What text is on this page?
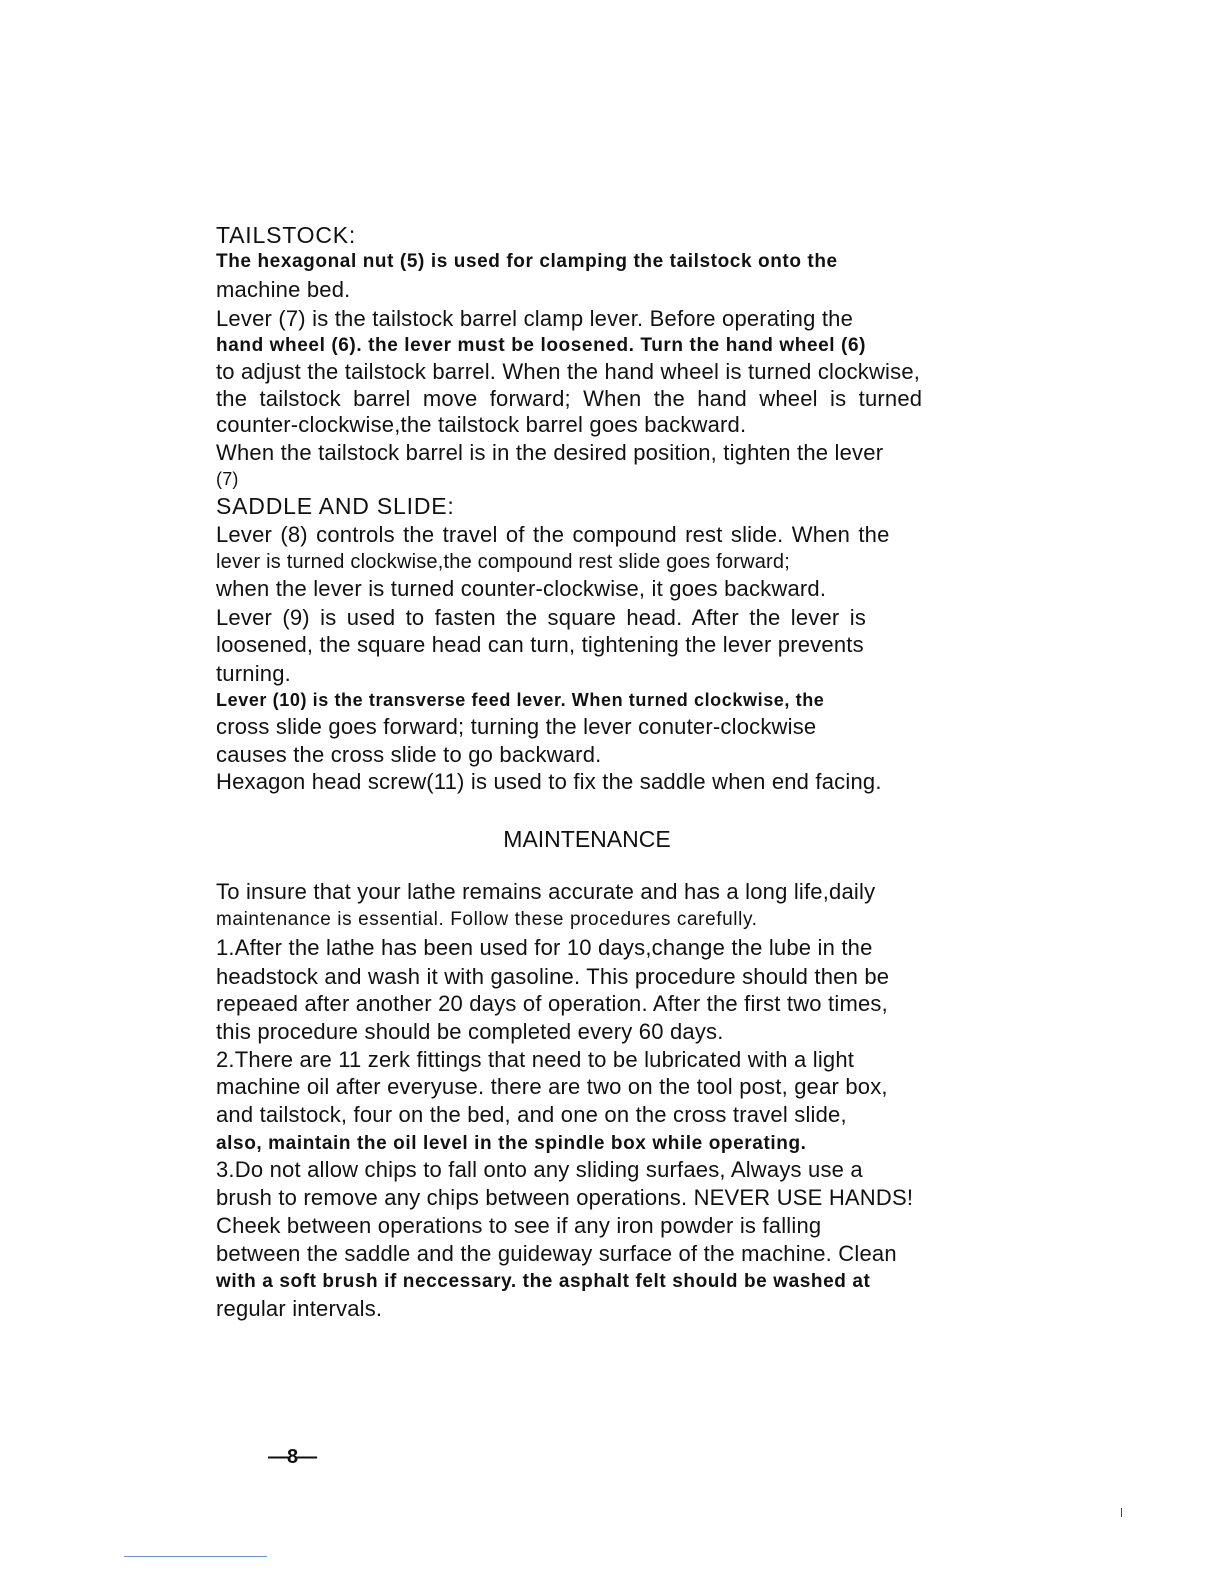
TAILSTOCK:
The hexagonal nut (5) is used for clamping the tailstock onto the
machine bed.
Lever (7) is the tailstock barrel clamp lever. Before operating the
hand wheel (6). the lever must be loosened. Turn the hand wheel (6)
to adjust the tailstock barrel. When the hand wheel is turned clockwise,
the tailstock barrel move forward; When the hand wheel is turned
counter-clockwise,the tailstock barrel goes backward.
When the tailstock barrel is in the desired position, tighten the lever
(7)
SADDLE AND SLIDE:
Lever (8) controls the travel of the compound rest slide. When the
lever is turned clockwise,the compound rest slide goes forward;
when the lever is turned counter-clockwise, it goes backward.
Lever (9) is used to fasten the square head. After the lever is
loosened, the square head can turn, tightening the lever prevents
turning.
Lever (10) is the transverse feed lever. When turned clockwise, the
cross slide goes forward; turning the lever conuter-clockwise
causes the cross slide to go backward.
Hexagon head screw(11) is used to fix the saddle when end facing.
MAINTENANCE
To insure that your lathe remains accurate and has a long life,daily
maintenance is essential. Follow these procedures carefully.
1.After the lathe has been used for 10 days,change the lube in the
headstock and wash it with gasoline. This procedure should then be
repeaed after another 20 days of operation. After the first two times,
this procedure should be completed every 60 days.
2.There are 11 zerk fittings that need to be lubricated with a light
machine oil after everyuse. there are two on the tool post, gear box,
and tailstock, four on the bed, and one on the cross travel slide,
also, maintain the oil level in the spindle box while operating.
3.Do not allow chips to fall onto any sliding surfaes, Always use a
brush to remove any chips between operations. NEVER USE HANDS!
Cheek between operations to see if any iron powder is falling
between the saddle and the guideway surface of the machine. Clean
with a soft brush if neccessary. the asphalt felt should be washed at
regular intervals.
—8—
